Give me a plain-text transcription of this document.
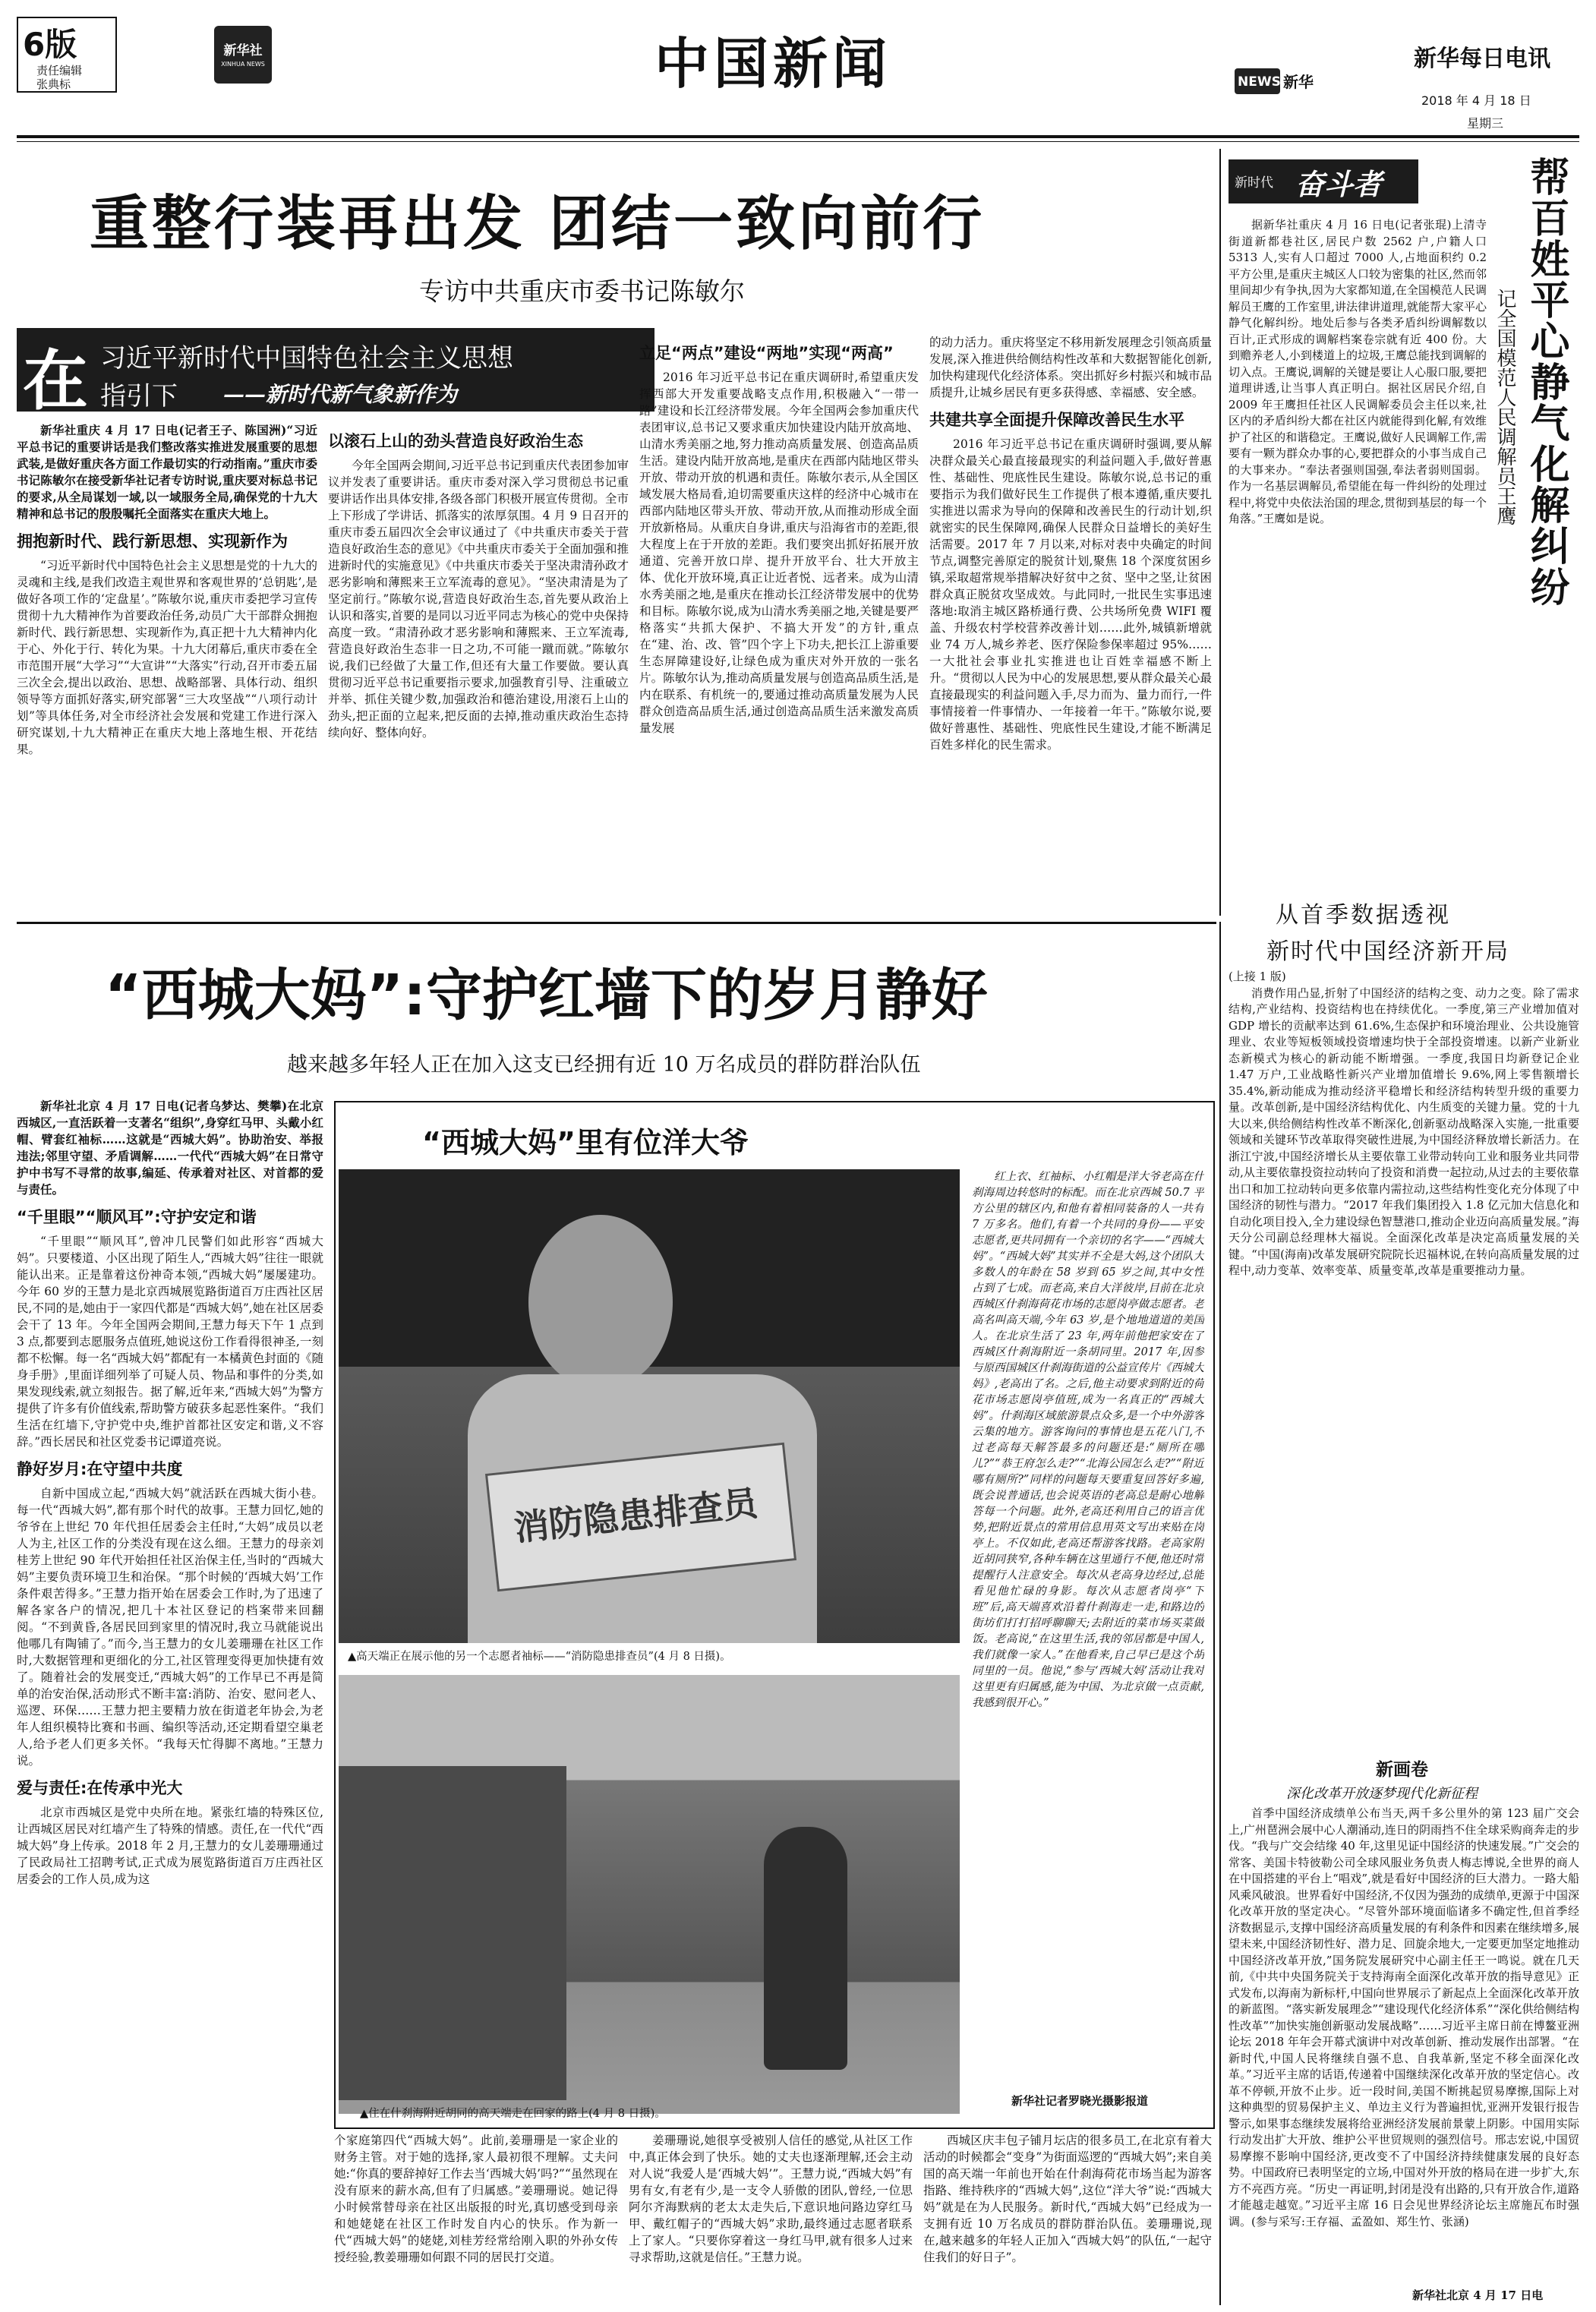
6版
责任编辑
张典标
新华社
XINHUA NEWS	中国新闻	新华
NEWS
新华每日电讯
2018 年 4 月 18 日
星期三
重整行装再出发 团结一致向前行
专访中共重庆市委书记陈敏尔
在 习近平新时代中国特色社会主义思想
指引下 ——新时代新气象新作为

新华社重庆 4 月 17 日电(记者王子、陈国洲)“习近平总书记的重要讲话是我们整改落实推进发展重要的思想武装,是做好重庆各方面工作最切实的行动指南。”重庆市委书记陈敏尔在接受新华社记者专访时说,重庆要对标总书记的要求,从全局谋划一域,以一域服务全局,确保党的十九大精神和总书记的殷殷嘱托全面落实在重庆大地上。

拥抱新时代、践行新思想、实现新作为

“习近平新时代中国特色社会主义思想是党的十九大的灵魂和主线,是我们改造主观世界和客观世界的‘总钥匙’,是做好各项工作的‘定盘星’。”陈敏尔说,重庆市委把学习宣传贯彻十九大精神作为首要政治任务,动员广大干部群众拥抱新时代、践行新思想、实现新作为,真正把十九大精神内化于心、外化于行、转化为果。十九大闭幕后,重庆市委在全市范围开展“大学习”“大宣讲”“大落实”行动,召开市委五届三次全会,提出以政治、思想、战略部署、具体行动、组织领导等方面抓好落实,研究部署“三大攻坚战”“八项行动计划”等具体任务,对全市经济社会发展和党建工作进行深入研究谋划,十九大精神正在重庆大地上落地生根、开花结果。

以滚石上山的劲头营造良好政治生态

今年全国两会期间,习近平总书记到重庆代表团参加审议并发表了重要讲话。重庆市委对深入学习贯彻总书记重要讲话作出具体安排,各级各部门积极开展宣传贯彻。全市上下形成了学讲话、抓落实的浓厚氛围。4 月 9 日召开的重庆市委五届四次全会审议通过了《中共重庆市委关于营造良好政治生态的意见》《中共重庆市委关于全面加强和推进新时代的实施意见》《中共重庆市委关于坚决肃清孙政才恶劣影响和薄熙来王立军流毒的意见》。“坚决肃清是为了坚定前行。”陈敏尔说,营造良好政治生态,首先要从政治上认识和落实,首要的是同以习近平同志为核心的党中央保持高度一致。“肃清孙政才恶劣影响和薄熙来、王立军流毒,营造良好政治生态非一日之功,不可能一蹴而就。”陈敏尔说,我们已经做了大量工作,但还有大量工作要做。要认真贯彻习近平总书记重要指示要求,加强教育引导、注重破立并举、抓住关键少数,加强政治和德治建设,用滚石上山的劲头,把正面的立起来,把反面的去掉,推动重庆政治生态持续向好、整体向好。

立足“两点”建设“两地”实现“两高”

2016 年习近平总书记在重庆调研时,希望重庆发挥西部大开发重要战略支点作用,积极融入“一带一路”建设和长江经济带发展。今年全国两会参加重庆代表团审议,总书记又要求重庆加快建设内陆开放高地、山清水秀美丽之地,努力推动高质量发展、创造高品质生活。建设内陆开放高地,是重庆在西部内陆地区带头开放、带动开放的机遇和责任。陈敏尔表示,从全国区域发展大格局看,迫切需要重庆这样的经济中心城市在西部内陆地区带头开放、带动开放,从而推动形成全面开放新格局。从重庆自身讲,重庆与沿海省市的差距,很大程度上在于开放的差距。我们要突出抓好拓展开放通道、完善开放口岸、提升开放平台、壮大开放主体、优化开放环境,真正让近者悦、远者来。成为山清水秀美丽之地,是重庆在推动长江经济带发展中的优势和目标。陈敏尔说,成为山清水秀美丽之地,关键是要严格落实“共抓大保护、不搞大开发”的方针,重点在“建、治、改、管”四个字上下功夫,把长江上游重要生态屏障建设好,让绿色成为重庆对外开放的一张名片。陈敏尔认为,推动高质量发展与创造高品质生活,是内在联系、有机统一的,要通过推动高质量发展为人民群众创造高品质生活,通过创造高品质生活来激发高质量发展

的动力活力。重庆将坚定不移用新发展理念引领高质量发展,深入推进供给侧结构性改革和大数据智能化创新,加快构建现代化经济体系。突出抓好乡村振兴和城市品质提升,让城乡居民有更多获得感、幸福感、安全感。

共建共享全面提升保障改善民生水平

2016 年习近平总书记在重庆调研时强调,要从解决群众最关心最直接最现实的利益问题入手,做好普惠性、基础性、兜底性民生建设。陈敏尔说,总书记的重要指示为我们做好民生工作提供了根本遵循,重庆要扎实推进以需求为导向的保障和改善民生的行动计划,织就密实的民生保障网,确保人民群众日益增长的美好生活需要。2017 年 7 月以来,对标对表中央确定的时间节点,调整完善原定的脱贫计划,聚焦 18 个深度贫困乡镇,采取超常规举措解决好贫中之贫、坚中之坚,让贫困群众真正脱贫攻坚成效。与此同时,一批民生实事迅速落地:取消主城区路桥通行费、公共场所免费 WIFI 覆盖、升级农村学校营养改善计划……此外,城镇新增就业 74 万人,城乡养老、医疗保险参保率超过 95%……一大批社会事业扎实推进也让百姓幸福感不断上升。“贯彻以人民为中心的发展思想,要从群众最关心最直接最现实的利益问题入手,尽力而为、量力而行,一件事情接着一件事情办、一年接着一年干。”陈敏尔说,要做好普惠性、基础性、兜底性民生建设,才能不断满足百姓多样化的民生需求。

新时代 奋斗者	帮百姓平心静气化解纠纷
记全国模范人民调解员王鹰

据新华社重庆 4 月 16 日电(记者张琨)上清寺街道新都巷社区,居民户数 2562 户,户籍人口 5313 人,实有人口超过 7000 人,占地面积约 0.2 平方公里,是重庆主城区人口较为密集的社区,然而邻里间却少有争执,因为大家都知道,在全国模范人民调解员王鹰的工作室里,讲法律讲道理,就能帮大家平心静气化解纠纷。地处后参与各类矛盾纠纷调解数以百计,正式形成的调解档案卷宗就有近 400 份。大到赡养老人,小到楼道上的垃圾,王鹰总能找到调解的切入点。王鹰说,调解的关键是要让人心服口服,要把道理讲透,让当事人真正明白。据社区居民介绍,自 2009 年王鹰担任社区人民调解委员会主任以来,社区内的矛盾纠纷大都在社区内就能得到化解,有效维护了社区的和谐稳定。王鹰说,做好人民调解工作,需要有一颗为群众办事的心,要把群众的小事当成自己的大事来办。“奉法者强则国强,奉法者弱则国弱。作为一名基层调解员,希望能在每一件纠纷的处理过程中,将党中央依法治国的理念,贯彻到基层的每一个角落。”王鹰如是说。

“西城大妈”:守护红墙下的岁月静好
越来越多年轻人正在加入这支已经拥有近 10 万名成员的群防群治队伍

新华社北京 4 月 17 日电(记者乌梦达、樊攀)在北京西城区,一直活跃着一支著名“组织”,身穿红马甲、头戴小红帽、臂套红袖标……这就是“西城大妈”。协助治安、举报违法;邻里守望、矛盾调解……一代代“西城大妈”在日常守护中书写不寻常的故事,编延、传承着对社区、对首都的爱与责任。

“千里眼”“顺风耳”:守护安定和谐

“千里眼”“顺风耳”,曾冲几民警们如此形容“西城大妈”。只要楼道、小区出现了陌生人,“西城大妈”往往一眼就能认出来。正是靠着这份神奇本领,“西城大妈”屡屡建功。今年 60 岁的王慧力是北京西城展览路街道百万庄西社区居民,不同的是,她由于一家四代都是“西城大妈”,她在社区居委会干了 13 年。今年全国两会期间,王慧力每天下午 1 点到 3 点,都要到志愿服务点值班,她说这份工作看得很神圣,一刻都不松懈。每一名“西城大妈”都配有一本橘黄色封面的《随身手册》,里面详细列举了可疑人员、物品和事件的分类,如果发现线索,就立刻报告。据了解,近年来,“西城大妈”为警方提供了许多有价值线索,帮助警方破获多起恶性案件。“我们生活在红墙下,守护党中央,维护首都社区安定和谐,义不容辞。”西长居民和社区党委书记谭道亮说。

静好岁月:在守望中共度

自新中国成立起,“西城大妈”就活跃在西城大街小巷。每一代“西城大妈”,都有那个时代的故事。王慧力回忆,她的爷爷在上世纪 70 年代担任居委会主任时,“大妈”成员以老人为主,社区工作的分类没有现在这么细。王慧力的母亲刘桂芳上世纪 90 年代开始担任社区治保主任,当时的“西城大妈”主要负责环境卫生和治保。“那个时候的‘西城大妈’工作条件艰苦得多。”王慧力指开始在居委会工作时,为了迅速了解各家各户的情况,把几十本社区登记的档案带来回翻阅。“不到黄昏,各居民回到家里的情况时,我立马就能说出他哪几有陶铺了。”而今,当王慧力的女儿姜珊珊在社区工作时,大数据管理和更细化的分工,社区管理变得更加快捷有效了。随着社会的发展变迁,“西城大妈”的工作早已不再是简单的治安治保,活动形式不断丰富:消防、治安、慰问老人、巡逻、环保……王慧力把主要精力放在街道老年协会,为老年人组织模特比赛和书画、编织等活动,还定期看望空巢老人,给予老人们更多关怀。“我每天忙得脚不离地。”王慧力说。

爱与责任:在传承中光大

北京市西城区是党中央所在地。紧张红墙的特殊区位,让西城区居民对红墙产生了特殊的情感。责任,在一代代“西城大妈”身上传承。2018 年 2 月,王慧力的女儿姜珊珊通过了民政局社工招聘考试,正式成为展览路街道百万庄西社区居委会的工作人员,成为这

“西城大妈”里有位洋大爷
消防隐患排查员
▲高天端正在展示他的另一个志愿者袖标——“消防隐患排查员”(4 月 8 日摄)。
▲住在什刹海附近胡同的高天端走在回家的路上(4 月 8 日摄)。

红上衣、红袖标、小红帽是洋大爷老高在什刹海周边转悠时的标配。而在北京西城 50.7 平方公里的辖区内,和他有着相同装备的人一共有 7 万多名。他们,有着一个共同的身份——平安志愿者,更共同拥有一个亲切的名字——“西城大妈”。“西城大妈”其实并不全是大妈,这个团队大多数人的年龄在 58 岁到 65 岁之间,其中女性占到了七成。而老高,来自大洋彼岸,目前在北京西城区什刹海荷花市场的志愿岗亭做志愿者。老高名叫高天端,今年 63 岁,是个地地道道的美国人。在北京生活了 23 年,两年前他把家安在了西城区什刹海附近一条胡同里。2017 年,因参与原西国城区什刹海街道的公益宣传片《西城大妈》,老高出了名。之后,他主动要求到附近的荷花市场志愿岗亭值班,成为一名真正的“西城大妈”。什刹海区域旅游景点众多,是一个中外游客云集的地方。游客询问的事情也是五花八门,不过老高每天解答最多的问题还是:“厕所在哪儿?”“恭王府怎么走?”“北海公园怎么走?”“附近哪有厕所?”同样的问题每天要重复回答好多遍,既会说普通话,也会说英语的老高总是耐心地解答每一个问题。此外,老高还利用自己的语言优势,把附近景点的常用信息用英文写出来贴在岗亭上。不仅如此,老高还帮游客找路。老高家附近胡同狭窄,各种车辆在这里通行不便,他还时常提醒行人注意安全。每次从老高身边经过,总能看见他忙碌的身影。每次从志愿者岗亭“下班”后,高天端喜欢沿着什刹海走一走,和路边的街坊们打打招呼聊聊天;去附近的菜市场买菜做饭。老高说,“在这里生活,我的邻居都是中国人,我们就像一家人。”在他看来,自己早已是这个胡同里的一员。他说,“参与‘西城大妈’活动让我对这里更有归属感,能为中国、为北京做一点贡献,我感到很开心。”

新华社记者罗晓光摄影报道

个家庭第四代“西城大妈”。此前,姜珊珊是一家企业的财务主管。对于她的选择,家人最初很不理解。丈夫问她:“你真的要辞掉好工作去当‘西城大妈’吗?”“虽然现在没有原来的薪水高,但有了归属感。”姜珊珊说。她记得小时候常替母亲在社区出版报的时光,真切感受到母亲和她姥姥在社区工作时发自内心的快乐。作为新一代“西城大妈”的姥姥,刘桂芳经常给刚入职的外孙女传授经验,教姜珊珊如何跟不同的居民打交道。

姜珊珊说,她很享受被别人信任的感觉,从社区工作中,真正体会到了快乐。她的丈夫也逐渐理解,还会主动对人说“我爱人是‘西城大妈’”。王慧力说,“西城大妈”有男有女,有老有少,是一支令人骄傲的团队,曾经,一位思阿尔齐海默病的老太太走失后,下意识地问路边穿红马甲、戴红帽子的“西城大妈”求助,最终通过志愿者联系上了家人。“只要你穿着这一身红马甲,就有很多人过来寻求帮助,这就是信任。”王慧力说。

西城区庆丰包子铺月坛店的很多员工,在北京有着大活动的时候都会“变身”为街面巡逻的“西城大妈”;来自美国的高天端一年前也开始在什刹海荷花市场当起为游客指路、维持秩序的“西城大妈”,这位“洋大爷”说:“西城大妈”就是在为人民服务。新时代,“西城大妈”已经成为一支拥有近 10 万名成员的群防群治队伍。姜珊珊说,现在,越来越多的年轻人正加入“西城大妈”的队伍,“一起守住我们的好日子”。

从首季数据透视
新时代中国经济新开局

(上接 1 版)

消费作用凸显,折射了中国经济的结构之变、动力之变。除了需求结构,产业结构、投资结构也在持续优化。一季度,第三产业增加值对 GDP 增长的贡献率达到 61.6%,生态保护和环境治理业、公共设施管理业、农业等短板领域投资增速均快于全部投资增速。以新产业新业态新模式为核心的新动能不断增强。一季度,我国日均新登记企业 1.47 万户,工业战略性新兴产业增加值增长 9.6%,网上零售额增长 35.4%,新动能成为推动经济平稳增长和经济结构转型升级的重要力量。改革创新,是中国经济结构优化、内生质变的关键力量。党的十九大以来,供给侧结构性改革不断深化,创新驱动战略深入实施,一批重要领域和关键环节改革取得突破性进展,为中国经济释放增长新活力。在浙江宁波,中国经济增长从主要依靠工业带动转向工业和服务业共同带动,从主要依靠投资拉动转向了投资和消费一起拉动,从过去的主要依靠出口和加工拉动转向更多依靠内需拉动,这些结构性变化充分体现了中国经济的韧性与潜力。“2017 年我们集团投入 1.8 亿元加大信息化和自动化项目投入,全力建设绿色智慧港口,推动企业迈向高质量发展。”海天分公司副总经理林大福说。全面深化改革是决定高质量发展的关键。“中国(海南)改革发展研究院院长迟福林说,在转向高质量发展的过程中,动力变革、效率变革、质量变革,改革是重要推动力量。

新画卷
深化改革开放逐梦现代化新征程

首季中国经济成绩单公布当天,两千多公里外的第 123 届广交会上,广州琶洲会展中心人潮涌动,连日的阴雨挡不住全球采购商奔走的步伐。“我与广交会结缘 40 年,这里见证中国经济的快速发展。”广交会的常客、美国卡特彼勒公司全球风服业务负责人梅志博说,全世界的商人在中国搭建的平台上“唱戏”,就是看好中国经济的巨大潜力。一路大船风乘风破浪。世界看好中国经济,不仅因为强劲的成绩单,更源于中国深化改革开放的坚定决心。“尽管外部环境面临诸多不确定性,但首季经济数据显示,支撑中国经济高质量发展的有利条件和因素在继续增多,展望未来,中国经济韧性好、潜力足、回旋余地大,一定要更加坚定地推动中国经济改革开放,”国务院发展研究中心副主任王一鸣说。就在几天前,《中共中央国务院关于支持海南全面深化改革开放的指导意见》正式发布,以海南为新标杆,中国向世界展示了新起点上全面深化改革开放的新蓝图。“落实新发展理念”“建设现代化经济体系”“深化供给侧结构性改革”“加快实施创新驱动发展战略”……习近平主席日前在博鳌亚洲论坛 2018 年年会开幕式演讲中对改革创新、推动发展作出部署。“在新时代,中国人民将继续自强不息、自我革新,坚定不移全面深化改革。”习近平主席的话语,传递着中国继续深化改革开放的坚定信心。改革不停顿,开放不止步。近一段时间,美国不断挑起贸易摩擦,国际上对这种典型的贸易保护主义、单边主义行为普遍担忧,亚洲开发银行报告警示,如果事态继续发展将给亚洲经济发展前景蒙上阴影。中国用实际行动发出扩大开放、维护公平世贸规则的强烈信号。邢志宏说,中国贸易摩擦不影响中国经济,更改变不了中国经济持续健康发展的良好态势。中国政府已表明坚定的立场,中国对外开放的格局在进一步扩大,东方不亮西方亮。“历史一再证明,封闭是没有出路的,只有开放合作,道路才能越走越宽。”习近平主席 16 日会见世界经济论坛主席施瓦布时强调。(参与采写:王存福、孟盈如、郑生竹、张涵)

新华社北京 4 月 17 日电
